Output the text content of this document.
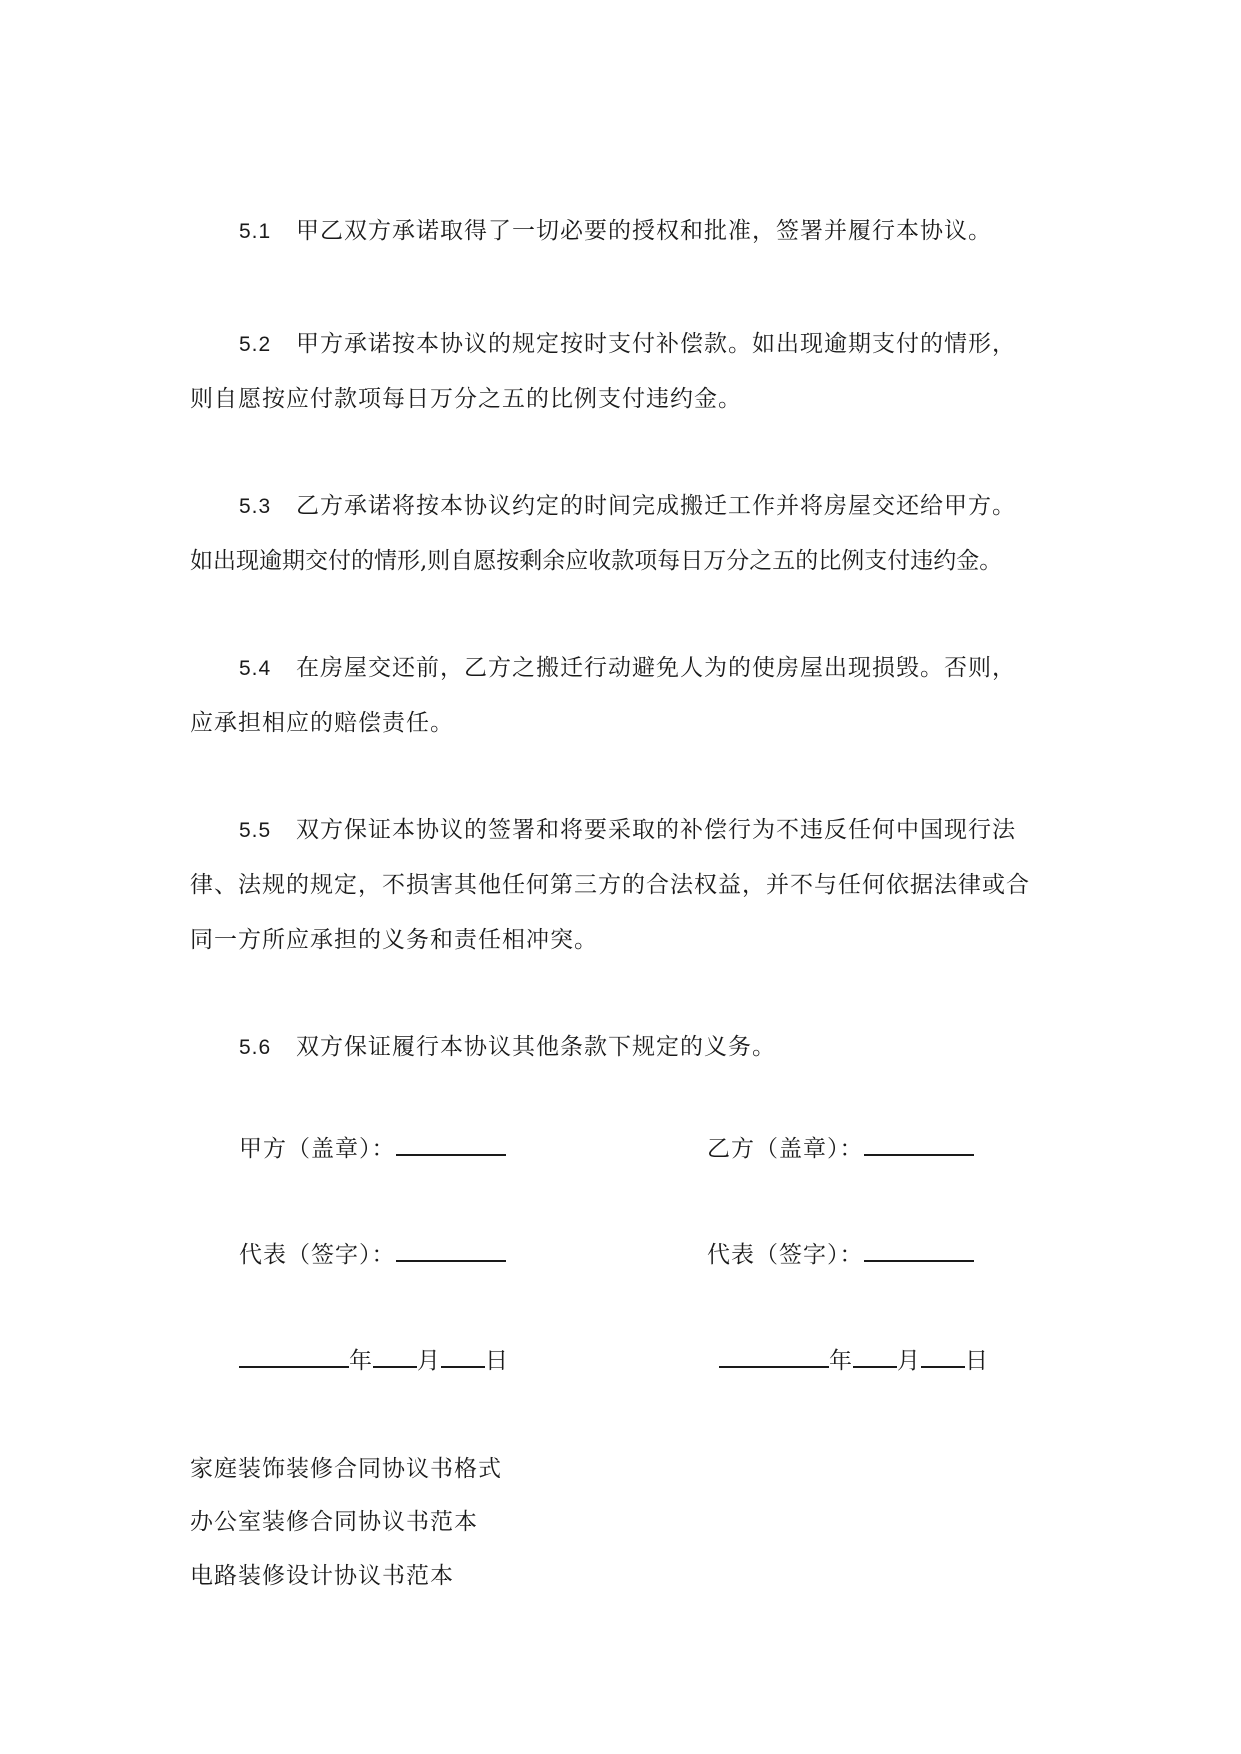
5.1 甲乙双方承诺取得了一切必要的授权和批准，签署并履行本协议。
5.2 甲方承诺按本协议的规定按时支付补偿款。如出现逾期支付的情形，
则自愿按应付款项每日万分之五的比例支付违约金。
5.3 乙方承诺将按本协议约定的时间完成搬迁工作并将房屋交还给甲方。
如出现逾期交付的情形,则自愿按剩余应收款项每日万分之五的比例支付违约金。
5.4 在房屋交还前，乙方之搬迁行动避免人为的使房屋出现损毁。否则，
应承担相应的赔偿责任。
5.5 双方保证本协议的签署和将要采取的补偿行为不违反任何中国现行法
律、法规的规定，不损害其他任何第三方的合法权益，并不与任何依据法律或合
同一方所应承担的义务和责任相冲突。
5.6 双方保证履行本协议其他条款下规定的义务。
甲方（盖章）：
代表（签字）：
年 月 日
乙方（盖章）：
代表（签字）：
年 月 日
家庭装饰装修合同协议书格式
办公室装修合同协议书范本
电路装修设计协议书范本
